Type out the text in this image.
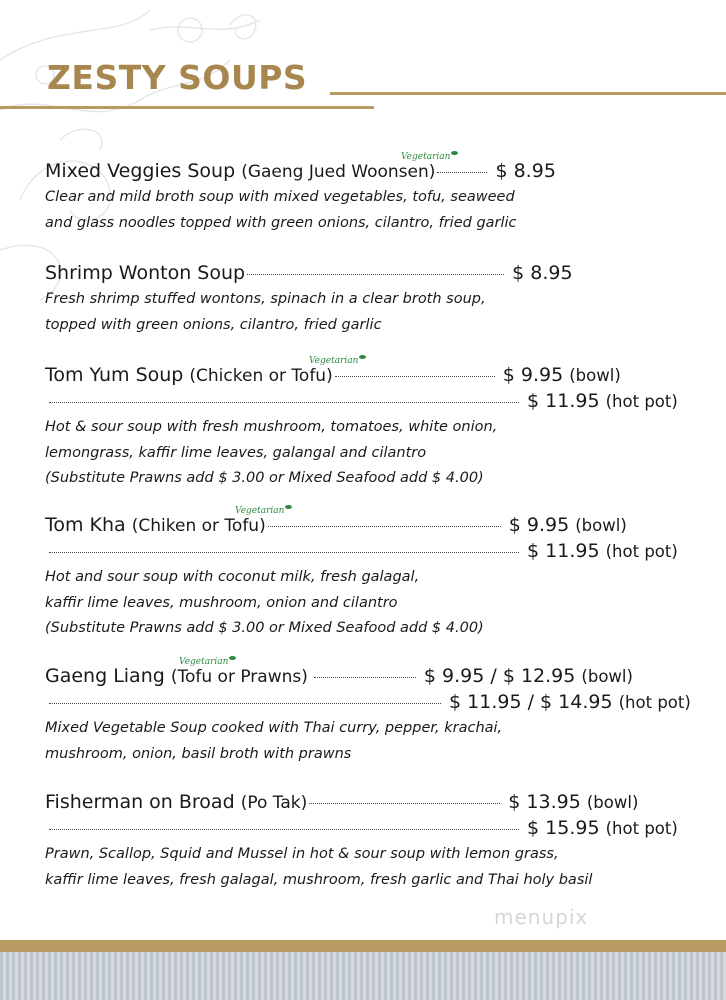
ZESTY SOUPS
Mixed Veggies Soup (Gaeng Jued Woonsen)	$ 8.95
Vegetarian
Clear and mild broth soup with mixed vegetables, tofu, seaweed
and glass noodles topped with green onions, cilantro, fried garlic
Shrimp Wonton Soup	$ 8.95
Fresh shrimp stuffed wontons, spinach in a clear broth soup,
topped with green onions, cilantro, fried garlic
Tom Yum Soup (Chicken or Tofu)	$ 9.95 (bowl)
Vegetarian
$ 11.95 (hot pot)
Hot & sour soup with fresh mushroom, tomatoes, white onion,
lemongrass, kaffir lime leaves, galangal and cilantro
(Substitute Prawns add $ 3.00 or Mixed Seafood add $ 4.00)
Tom Kha (Chiken or Tofu)	$ 9.95 (bowl)
Vegetarian
$ 11.95 (hot pot)
Hot and sour soup with coconut milk, fresh galagal,
kaffir lime leaves, mushroom, onion and cilantro
(Substitute Prawns add $ 3.00 or Mixed Seafood add $ 4.00)
Gaeng Liang (Tofu or Prawns)	$ 9.95 / $ 12.95 (bowl)
Vegetarian
$ 11.95 / $ 14.95 (hot pot)
Mixed Vegetable Soup cooked with Thai curry, pepper, krachai,
mushroom, onion, basil broth with prawns
Fisherman on Broad (Po Tak)	$ 13.95 (bowl)
$ 15.95 (hot pot)
Prawn, Scallop, Squid and Mussel in hot & sour soup with lemon grass,
kaffir lime leaves, fresh galagal, mushroom, fresh garlic and Thai holy basil
menupix
